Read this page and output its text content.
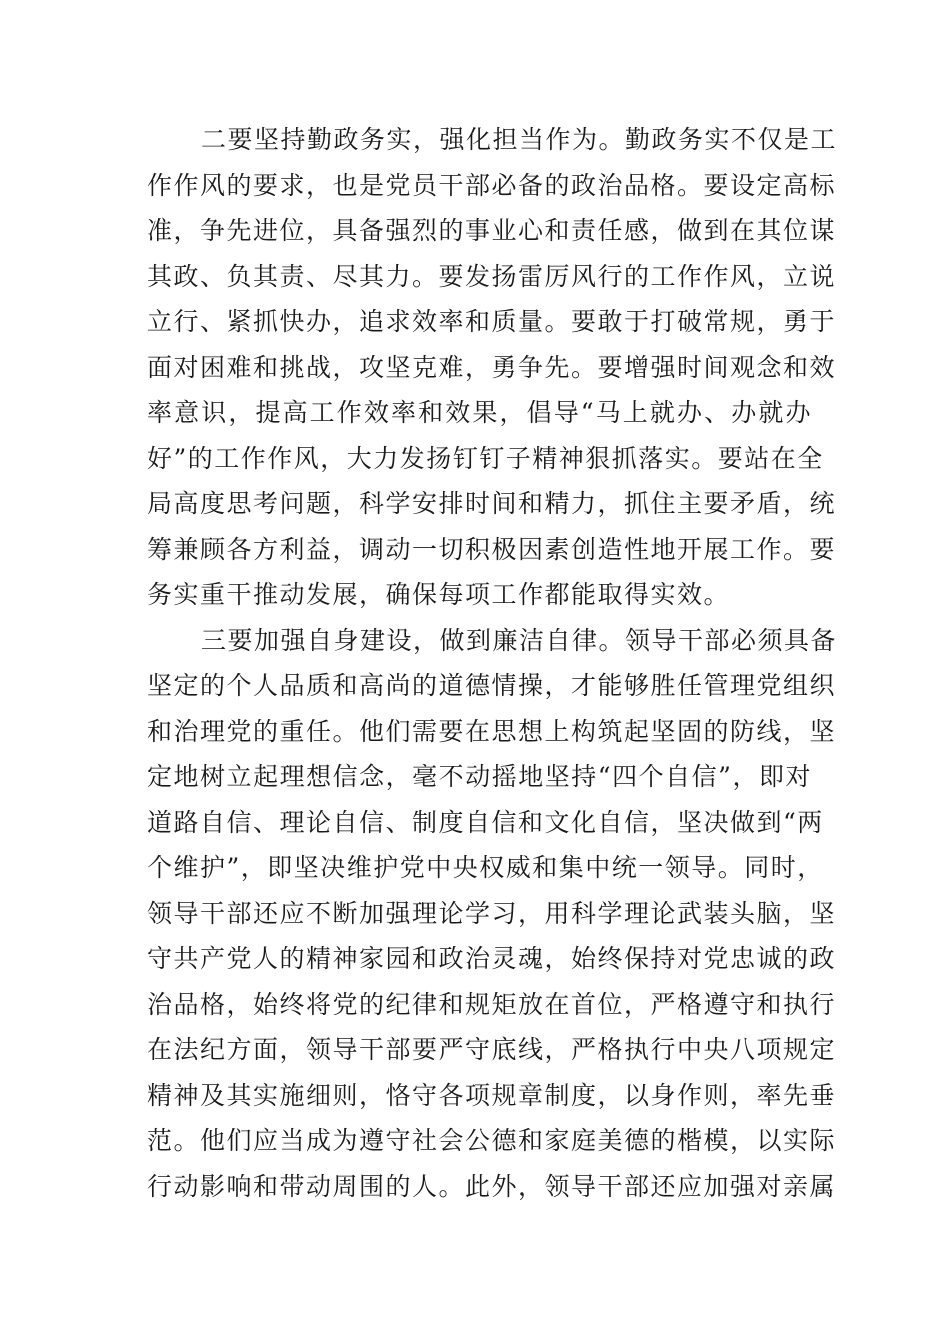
二要坚持勤政务实，强化担当作为。勤政务实不仅是工
作作风的要求，也是党员干部必备的政治品格。要设定高标
准，争先进位，具备强烈的事业心和责任感，做到在其位谋
其政、负其责、尽其力。要发扬雷厉风行的工作作风，立说
立行、紧抓快办，追求效率和质量。要敢于打破常规，勇于
面对困难和挑战，攻坚克难，勇争先。要增强时间观念和效
率意识，提高工作效率和效果，倡导“马上就办、办就办
好”的工作作风，大力发扬钉钉子精神狠抓落实。要站在全
局高度思考问题，科学安排时间和精力，抓住主要矛盾，统
筹兼顾各方利益，调动一切积极因素创造性地开展工作。要
务实重干推动发展，确保每项工作都能取得实效。
三要加强自身建设，做到廉洁自律。领导干部必须具备
坚定的个人品质和高尚的道德情操，才能够胜任管理党组织
和治理党的重任。他们需要在思想上构筑起坚固的防线，坚
定地树立起理想信念，毫不动摇地坚持“四个自信”，即对
道路自信、理论自信、制度自信和文化自信，坚决做到“两
个维护”，即坚决维护党中央权威和集中统一领导。同时，
领导干部还应不断加强理论学习，用科学理论武装头脑，坚
守共产党人的精神家园和政治灵魂，始终保持对党忠诚的政
治品格，始终将党的纪律和规矩放在首位，严格遵守和执行
在法纪方面，领导干部要严守底线，严格执行中央八项规定
精神及其实施细则，恪守各项规章制度，以身作则，率先垂
范。他们应当成为遵守社会公德和家庭美德的楷模，以实际
行动影响和带动周围的人。此外，领导干部还应加强对亲属
